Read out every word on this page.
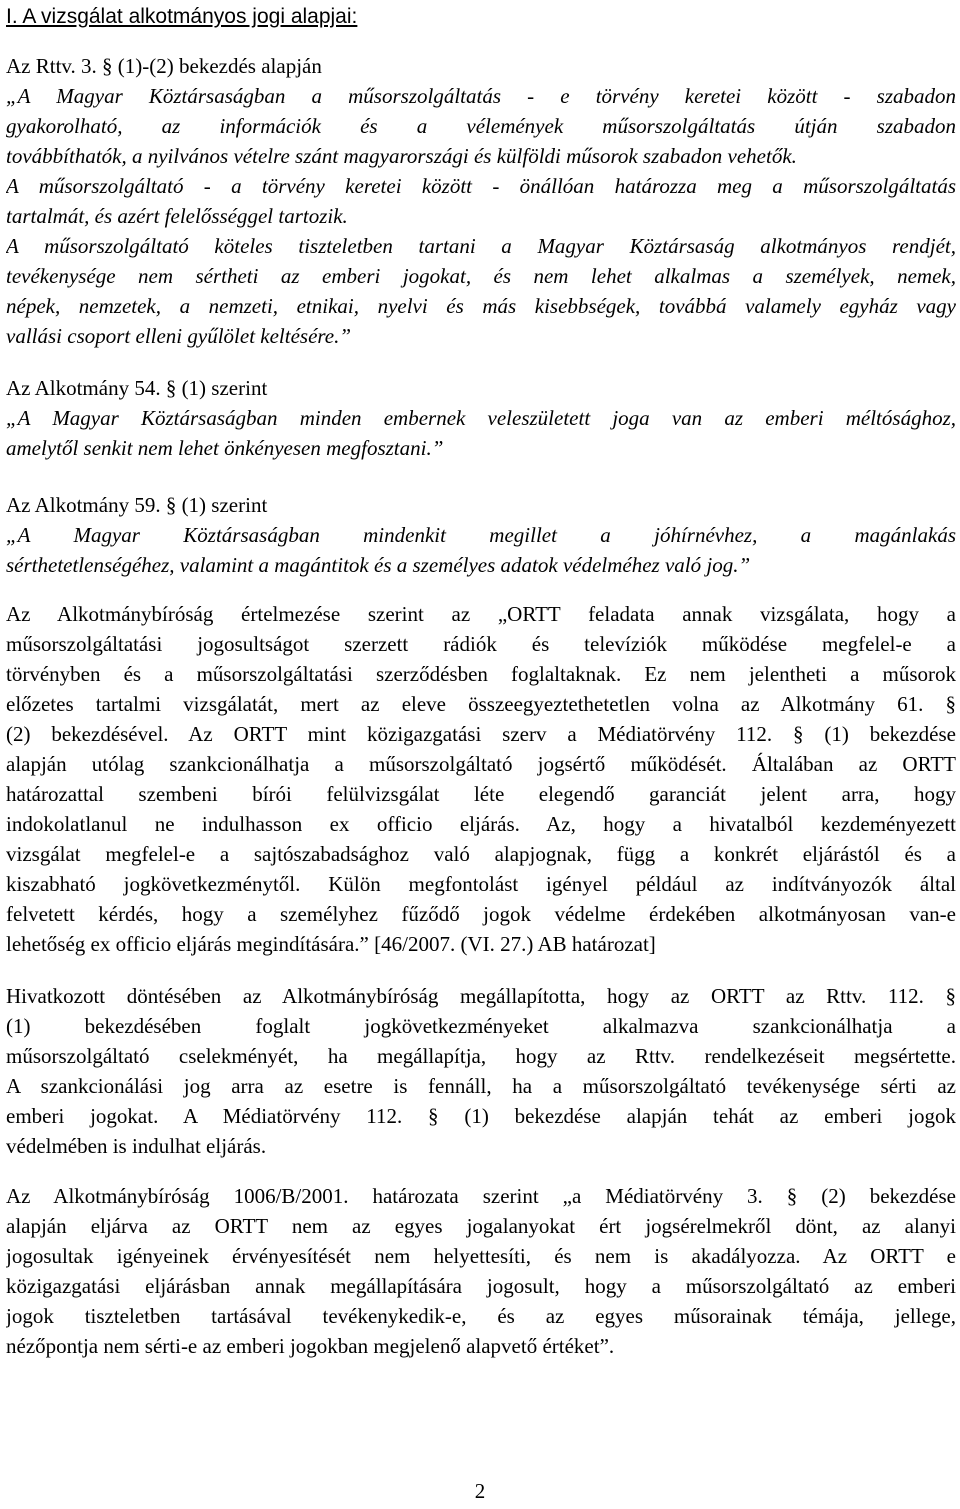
I. A vizsgálat alkotmányos jogi alapjai:
Az Rttv. 3. § (1)-(2) bekezdés alapján
„A Magyar Köztársaságban a műsorszolgáltatás - e törvény keretei között - szabadon
gyakorolható, az információk és a vélemények műsorszolgáltatás útján szabadon
továbbíthatók, a nyilvános vételre szánt magyarországi és külföldi műsorok szabadon vehetők.
A műsorszolgáltató - a törvény keretei között - önállóan határozza meg a műsorszolgáltatás
tartalmát, és azért felelősséggel tartozik.
A műsorszolgáltató köteles tiszteletben tartani a Magyar Köztársaság alkotmányos rendjét,
tevékenysége nem sértheti az emberi jogokat, és nem lehet alkalmas a személyek, nemek,
népek, nemzetek, a nemzeti, etnikai, nyelvi és más kisebbségek, továbbá valamely egyház vagy
vallási csoport elleni gyűlölet keltésére.”
Az Alkotmány 54. § (1) szerint
„A Magyar Köztársaságban minden embernek veleszületett joga van az emberi méltósághoz,
amelytől senkit nem lehet önkényesen megfosztani.”
Az Alkotmány 59. § (1) szerint
„A Magyar Köztársaságban mindenkit megillet a jóhírnévhez, a magánlakás
sérthetetlenségéhez, valamint a magántitok és a személyes adatok védelméhez való jog.”
Az Alkotmánybíróság értelmezése szerint az „ORTT feladata annak vizsgálata, hogy a
műsorszolgáltatási jogosultságot szerzett rádiók és televíziók működése megfelel-e a
törvényben és a műsorszolgáltatási szerződésben foglaltaknak. Ez nem jelentheti a műsorok
előzetes tartalmi vizsgálatát, mert az eleve összeegyeztethetetlen volna az Alkotmány 61. §
(2) bekezdésével. Az ORTT mint közigazgatási szerv a Médiatörvény 112. § (1) bekezdése
alapján utólag szankcionálhatja a műsorszolgáltató jogsértő működését. Általában az ORTT
határozattal szembeni bírói felülvizsgálat léte elegendő garanciát jelent arra, hogy
indokolatlanul ne indulhasson ex officio eljárás. Az, hogy a hivatalból kezdeményezett
vizsgálat megfelel-e a sajtószabadsághoz való alapjognak, függ a konkrét eljárástól és a
kiszabható jogkövetkezménytől. Külön megfontolást igényel például az indítványozók által
felvetett kérdés, hogy a személyhez fűződő jogok védelme érdekében alkotmányosan van-e
lehetőség ex officio eljárás megindítására.” [46/2007. (VI. 27.) AB határozat]
Hivatkozott döntésében az Alkotmánybíróság megállapította, hogy az ORTT az Rttv. 112. §
(1) bekezdésében foglalt jogkövetkezményeket alkalmazva szankcionálhatja a
műsorszolgáltató cselekményét, ha megállapítja, hogy az Rttv. rendelkezéseit megsértette.
A szankcionálási jog arra az esetre is fennáll, ha a műsorszolgáltató tevékenysége sérti az
emberi jogokat. A Médiatörvény 112. § (1) bekezdése alapján tehát az emberi jogok
védelmében is indulhat eljárás.
Az Alkotmánybíróság 1006/B/2001. határozata szerint „a Médiatörvény 3. § (2) bekezdése
alapján eljárva az ORTT nem az egyes jogalanyokat ért jogsérelmekről dönt, az alanyi
jogosultak igényeinek érvényesítését nem helyettesíti, és nem is akadályozza. Az ORTT e
közigazgatási eljárásban annak megállapítására jogosult, hogy a műsorszolgáltató az emberi
jogok tiszteletben tartásával tevékenykedik-e, és az egyes műsorainak témája, jellege,
nézőpontja nem sérti-e az emberi jogokban megjelenő alapvető értéket”.
2
